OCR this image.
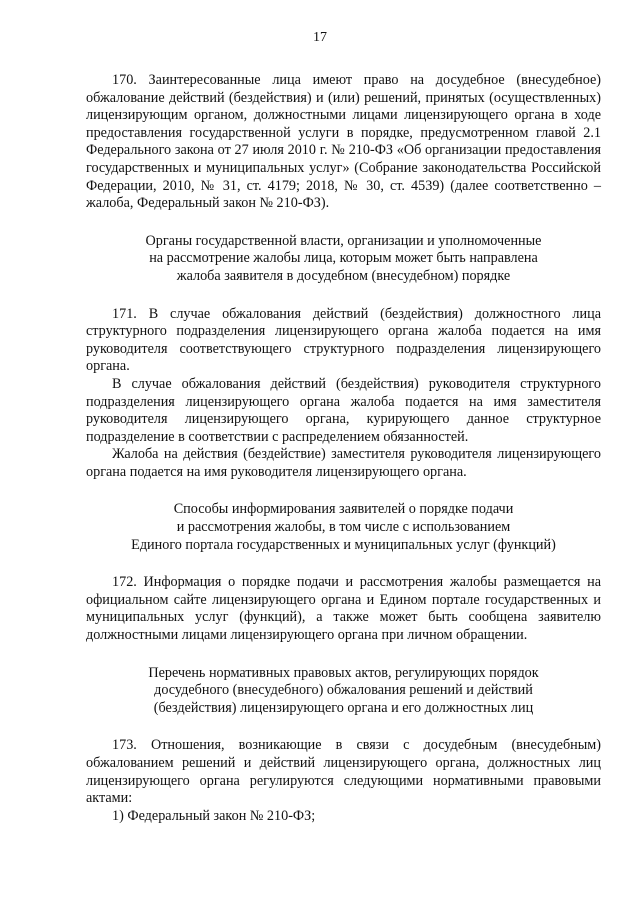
17

170. Заинтересованные лица имеют право на досудебное (внесудебное) обжалование действий (бездействия) и (или) решений, принятых (осуществленных) лицензирующим органом, должностными лицами лицензирующего органа в ходе предоставления государственной услуги в порядке, предусмотренном главой 2.1 Федерального закона от 27 июля 2010 г. № 210-ФЗ «Об организации предоставления государственных и муниципальных услуг» (Собрание законодательства Российской Федерации, 2010, № 31, ст. 4179; 2018, № 30, ст. 4539) (далее соответственно – жалоба, Федеральный закон № 210-ФЗ).

Органы государственной власти, организации и уполномоченные

на рассмотрение жалобы лица, которым может быть направлена

жалоба заявителя в досудебном (внесудебном) порядке

171. В случае обжалования действий (бездействия) должностного лица структурного подразделения лицензирующего органа жалоба подается на имя руководителя соответствующего структурного подразделения лицензирующего органа.

В случае обжалования действий (бездействия) руководителя структурного подразделения лицензирующего органа жалоба подается на имя заместителя руководителя лицензирующего органа, курирующего данное структурное подразделение в соответствии с распределением обязанностей.

Жалоба на действия (бездействие) заместителя руководителя лицензирующего органа подается на имя руководителя лицензирующего органа.

Способы информирования заявителей о порядке подачи

и рассмотрения жалобы, в том числе с использованием

Единого портала государственных и муниципальных услуг (функций)

172. Информация о порядке подачи и рассмотрения жалобы размещается на официальном сайте лицензирующего органа и Едином портале государственных и муниципальных услуг (функций), а также может быть сообщена заявителю должностными лицами лицензирующего органа при личном обращении.

Перечень нормативных правовых актов, регулирующих порядок

досудебного (внесудебного) обжалования решений и действий

(бездействия) лицензирующего органа и его должностных лиц

173. Отношения, возникающие в связи с досудебным (внесудебным) обжалованием решений и действий лицензирующего органа, должностных лиц лицензирующего органа регулируются следующими нормативными правовыми актами:

1) Федеральный закон № 210-ФЗ;
